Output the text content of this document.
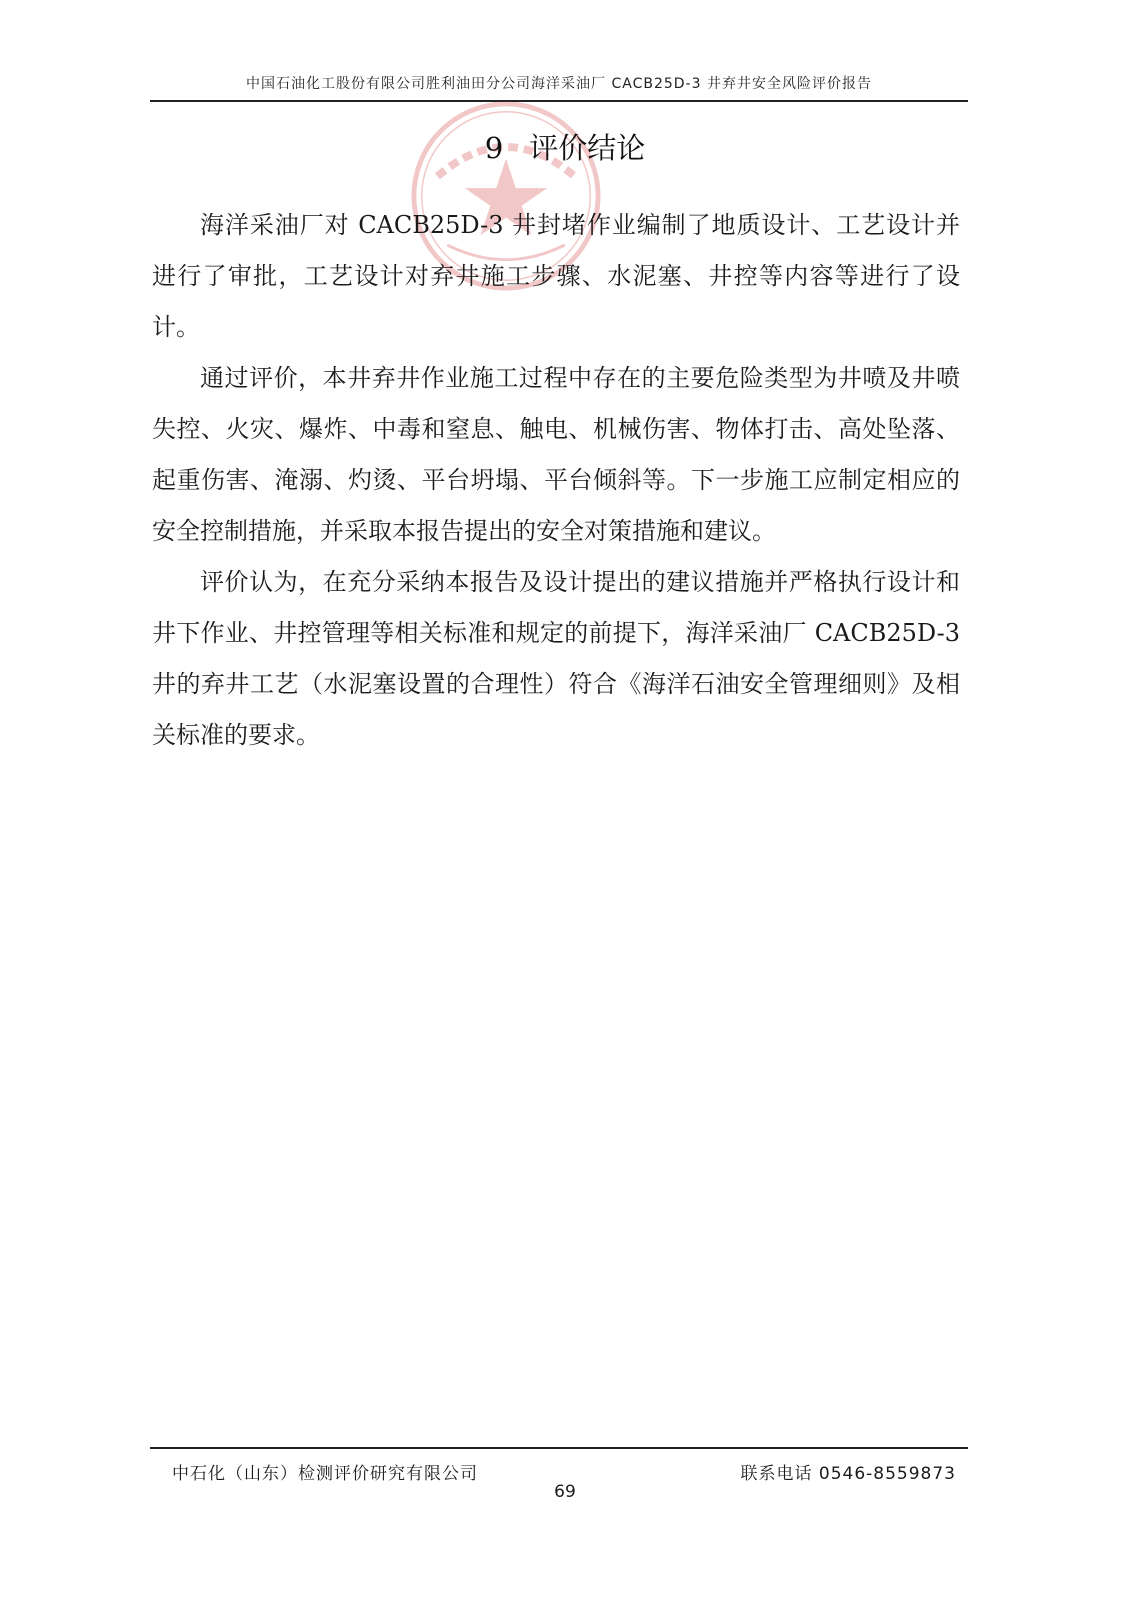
中国石油化工股份有限公司胜利油田分公司海洋采油厂 CACB25D-3 井弃井安全风险评价报告
9 评价结论

海洋采油厂对 CACB25D-3 井封堵作业编制了地质设计、工艺设计并进行了审批，工艺设计对弃井施工步骤、水泥塞、井控等内容等进行了设计。

通过评价，本井弃井作业施工过程中存在的主要危险类型为井喷及井喷失控、火灾、爆炸、中毒和窒息、触电、机械伤害、物体打击、高处坠落、起重伤害、淹溺、灼烫、平台坍塌、平台倾斜等。下一步施工应制定相应的安全控制措施，并采取本报告提出的安全对策措施和建议。

评价认为，在充分采纳本报告及设计提出的建议措施并严格执行设计和井下作业、井控管理等相关标准和规定的前提下，海洋采油厂 CACB25D-3 井的弃井工艺（水泥塞设置的合理性）符合《海洋石油安全管理细则》及相关标准的要求。

中石化（山东）检测评价研究有限公司	联系电话 0546-8559873
69
